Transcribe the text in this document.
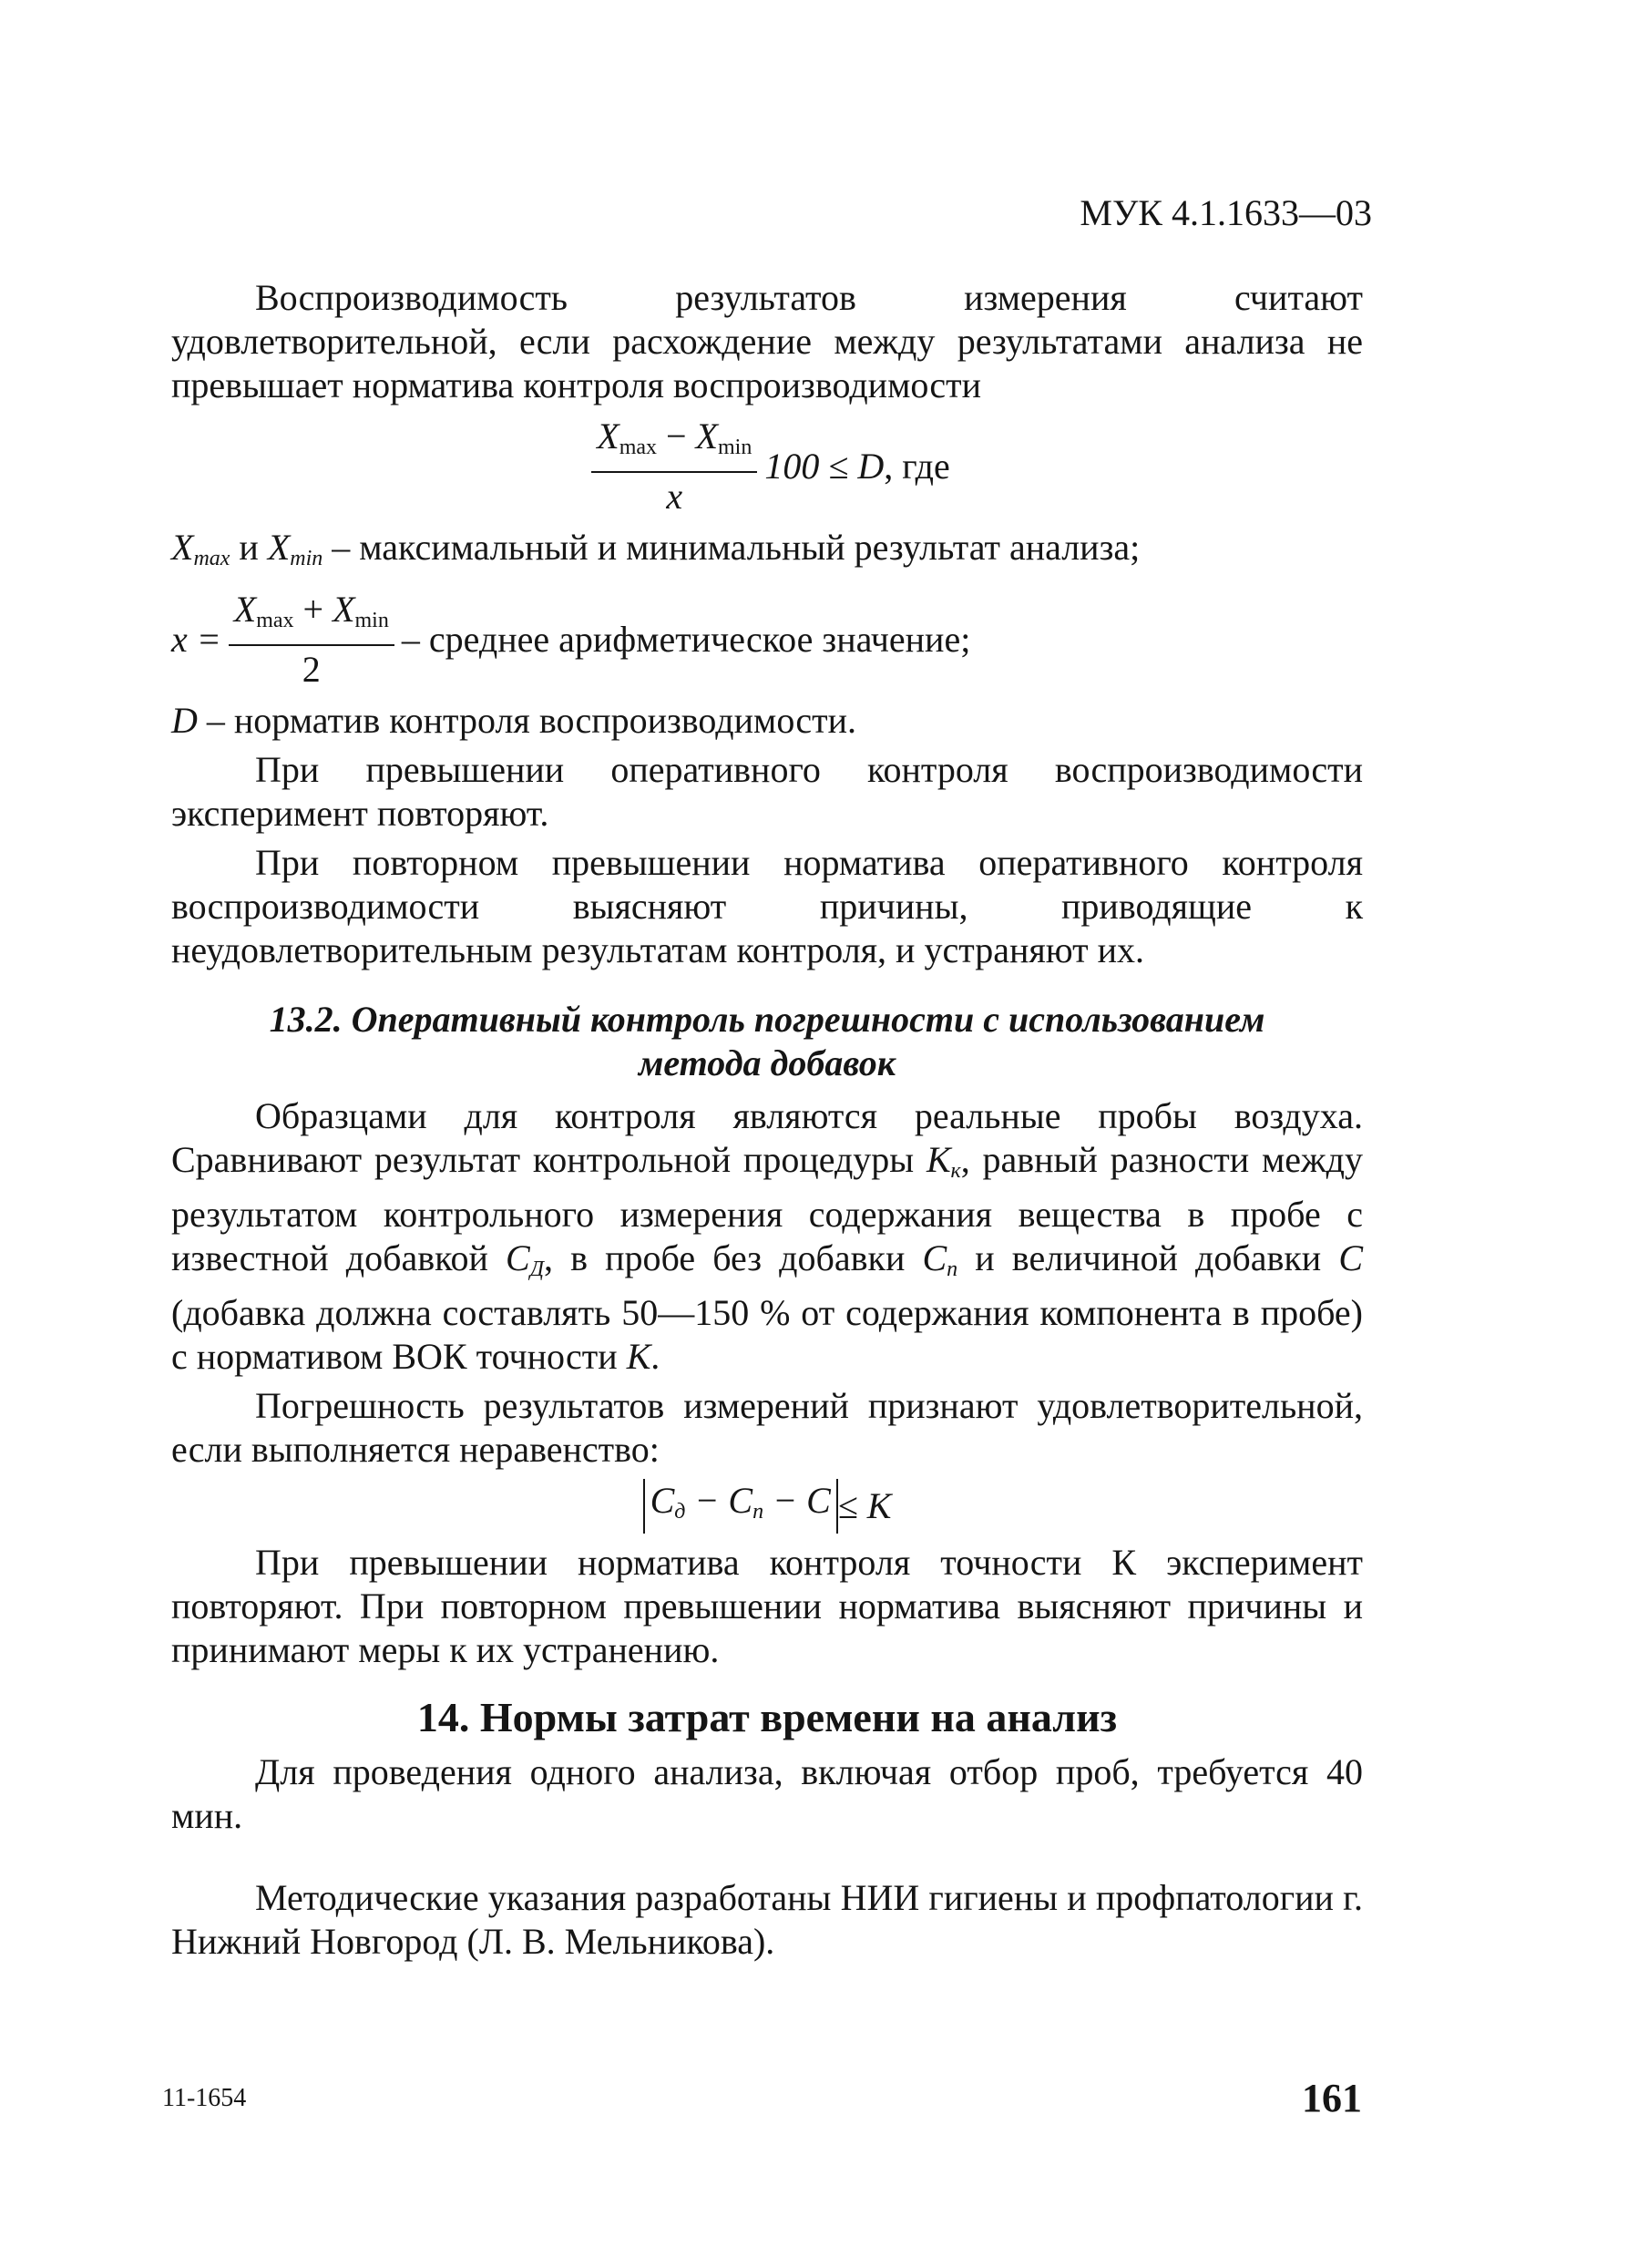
МУК 4.1.1633—03

Воспроизводимость результатов измерения считают удовлетворительной, если расхождение между результатами анализа не превышает норматива контроля воспроизводимости

$\frac{Xmax - Xmin}{x} 100 \le D$ , где

Xmax и Xmin – максимальный и минимальный результат анализа;

$x = \frac{Xmax + Xmin}{2}$ – среднее арифметическое значение;

D – норматив контроля воспроизводимости.

При превышении оперативного контроля воспроизводимости эксперимент повторяют.

При повторном превышении норматива оперативного контроля воспроизводимости выясняют причины, приводящие к неудовлетворительным результатам контроля, и устраняют их.

13.2. Оперативный контроль погрешности с использованием
метода добавок

Образцами для контроля являются реальные пробы воздуха. Сравнивают результат контрольной процедуры Кк, равный разности между результатом контрольного измерения содержания вещества в пробе с известной добавкой СД, в пробе без добавки Сп и величиной добавки С (добавка должна составлять 50—150 % от содержания компонента в пробе) с нормативом ВОК точности К.

Погрешность результатов измерений признают удовлетворительной, если выполняется неравенство:

Cд − Cп − C ≤ K

При превышении норматива контроля точности К эксперимент повторяют. При повторном превышении норматива выясняют причины и принимают меры к их устранению.

14. Нормы затрат времени на анализ

Для проведения одного анализа, включая отбор проб, требуется 40 мин.

Методические указания разработаны НИИ гигиены и профпатологии г. Нижний Новгород (Л. В. Мельникова).

11-1654	161
